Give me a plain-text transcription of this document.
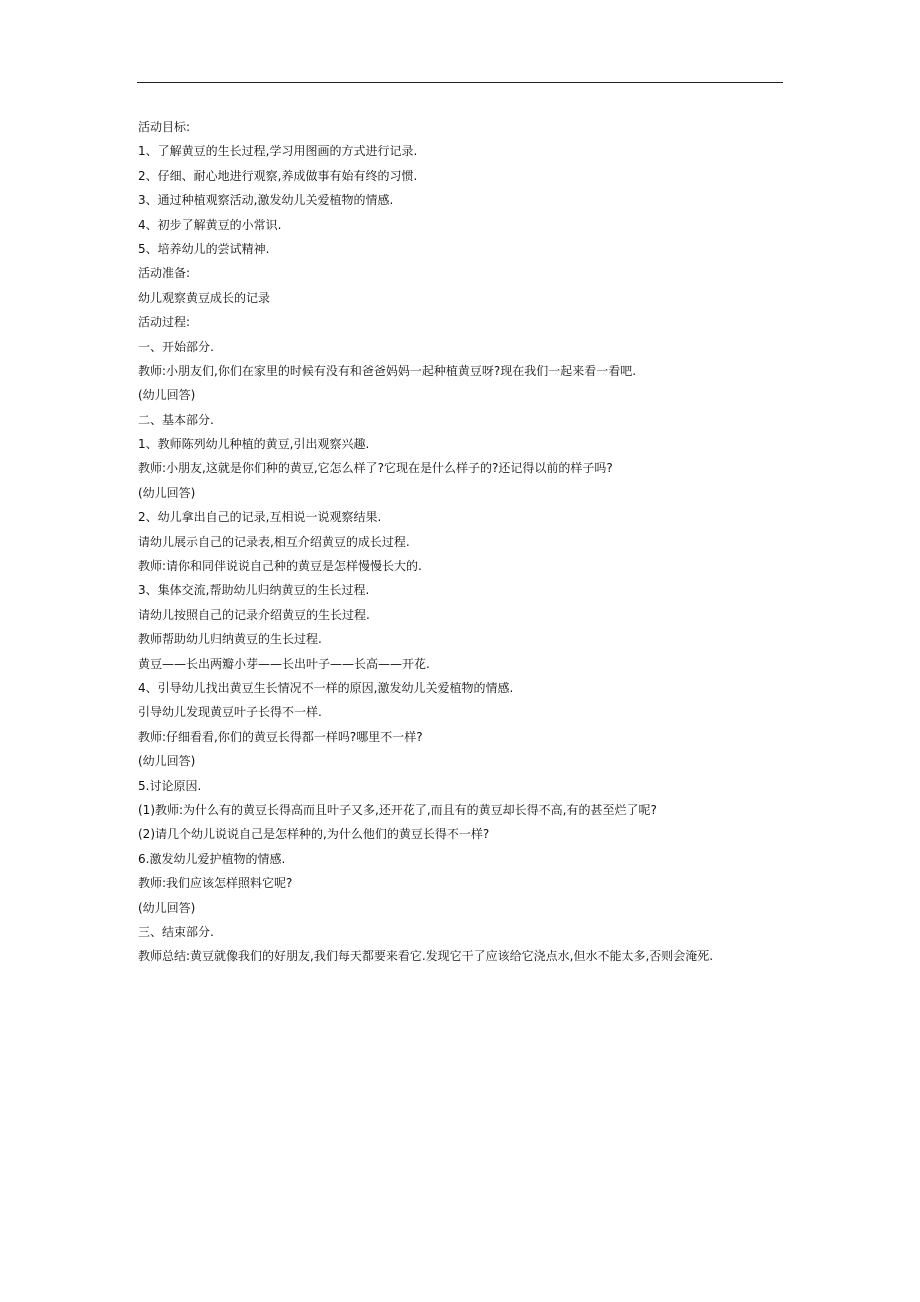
活动目标:
1、了解黄豆的生长过程,学习用图画的方式进行记录.
2、仔细、耐心地进行观察,养成做事有始有终的习惯.
3、通过种植观察活动,激发幼儿关爱植物的情感.
4、初步了解黄豆的小常识.
5、培养幼儿的尝试精神.
活动准备:
幼儿观察黄豆成长的记录
活动过程:
一、开始部分.
教师:小朋友们,你们在家里的时候有没有和爸爸妈妈一起种植黄豆呀?现在我们一起来看一看吧.
(幼儿回答)
二、基本部分.
1、教师陈列幼儿种植的黄豆,引出观察兴趣.
教师:小朋友,这就是你们种的黄豆,它怎么样了?它现在是什么样子的?还记得以前的样子吗?
(幼儿回答)
2、幼儿拿出自己的记录,互相说一说观察结果.
请幼儿展示自己的记录表,相互介绍黄豆的成长过程.
教师:请你和同伴说说自己种的黄豆是怎样慢慢长大的.
3、集体交流,帮助幼儿归纳黄豆的生长过程.
请幼儿按照自己的记录介绍黄豆的生长过程.
教师帮助幼儿归纳黄豆的生长过程.
黄豆——长出两瓣小芽——长出叶子——长高——开花.
4、引导幼儿找出黄豆生长情况不一样的原因,激发幼儿关爱植物的情感.
引导幼儿发现黄豆叶子长得不一样.
教师:仔细看看,你们的黄豆长得都一样吗?哪里不一样?
(幼儿回答)
5.讨论原因.
(1)教师:为什么有的黄豆长得高而且叶子又多,还开花了,而且有的黄豆却长得不高,有的甚至烂了呢?
(2)请几个幼儿说说自己是怎样种的,为什么他们的黄豆长得不一样?
6.激发幼儿爱护植物的情感.
教师:我们应该怎样照料它呢?
(幼儿回答)
三、结束部分.
教师总结:黄豆就像我们的好朋友,我们每天都要来看它.发现它干了应该给它浇点水,但水不能太多,否则会淹死.
